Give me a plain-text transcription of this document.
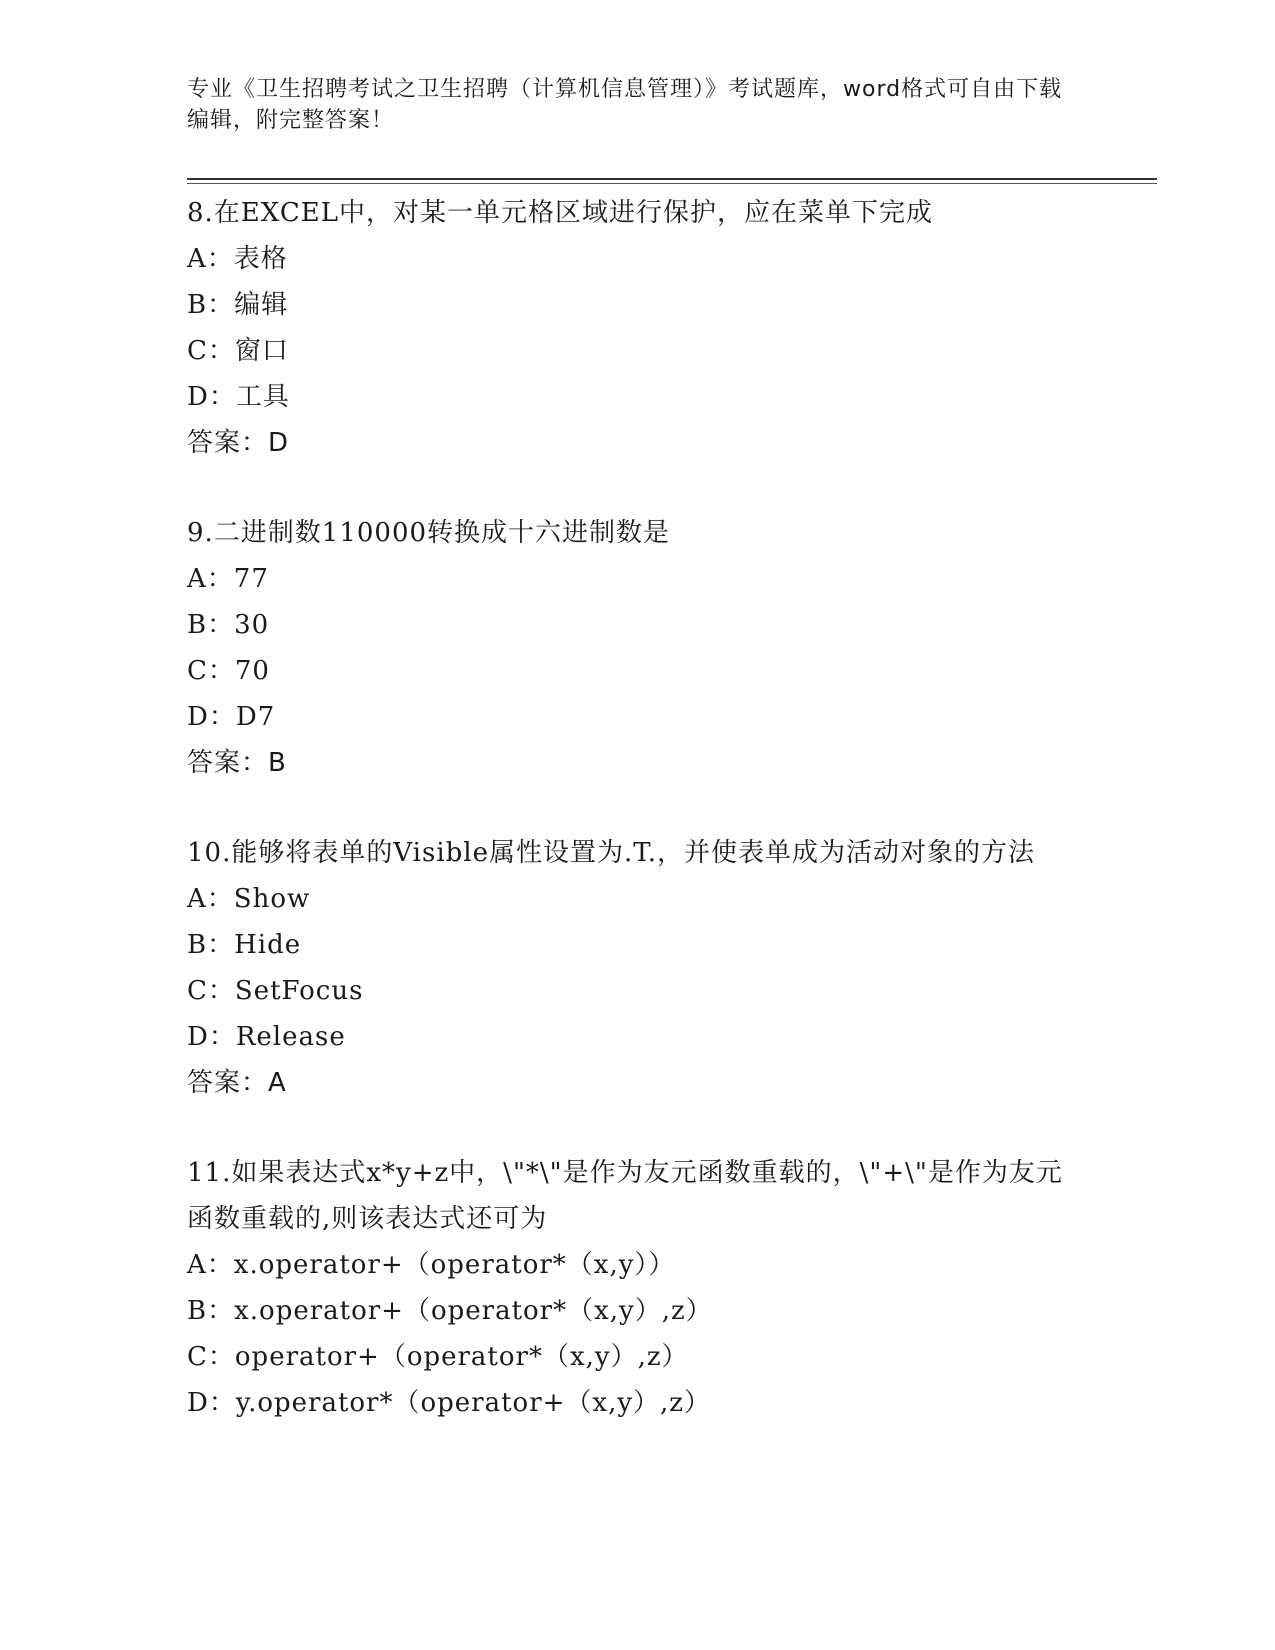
专业《卫生招聘考试之卫生招聘（计算机信息管理）》考试题库，word格式可自由下载编辑，附完整答案！
8.在EXCEL中，对某一单元格区域进行保护，应在菜单下完成
A：表格
B：编辑
C：窗口
D：工具
答案：D
9.二进制数110000转换成十六进制数是
A：77
B：30
C：70
D：D7
答案：B
10.能够将表单的Visible属性设置为.T.，并使表单成为活动对象的方法
A：Show
B：Hide
C：SetFocus
D：Release
答案：A
11.如果表达式x*y+z中，\"*\"是作为友元函数重载的，\"+\"是作为友元函数重载的,则该表达式还可为
A：x.operator+（operator*（x,y））
B：x.operator+（operator*（x,y）,z）
C：operator+（operator*（x,y）,z）
D：y.operator*（operator+（x,y）,z）
